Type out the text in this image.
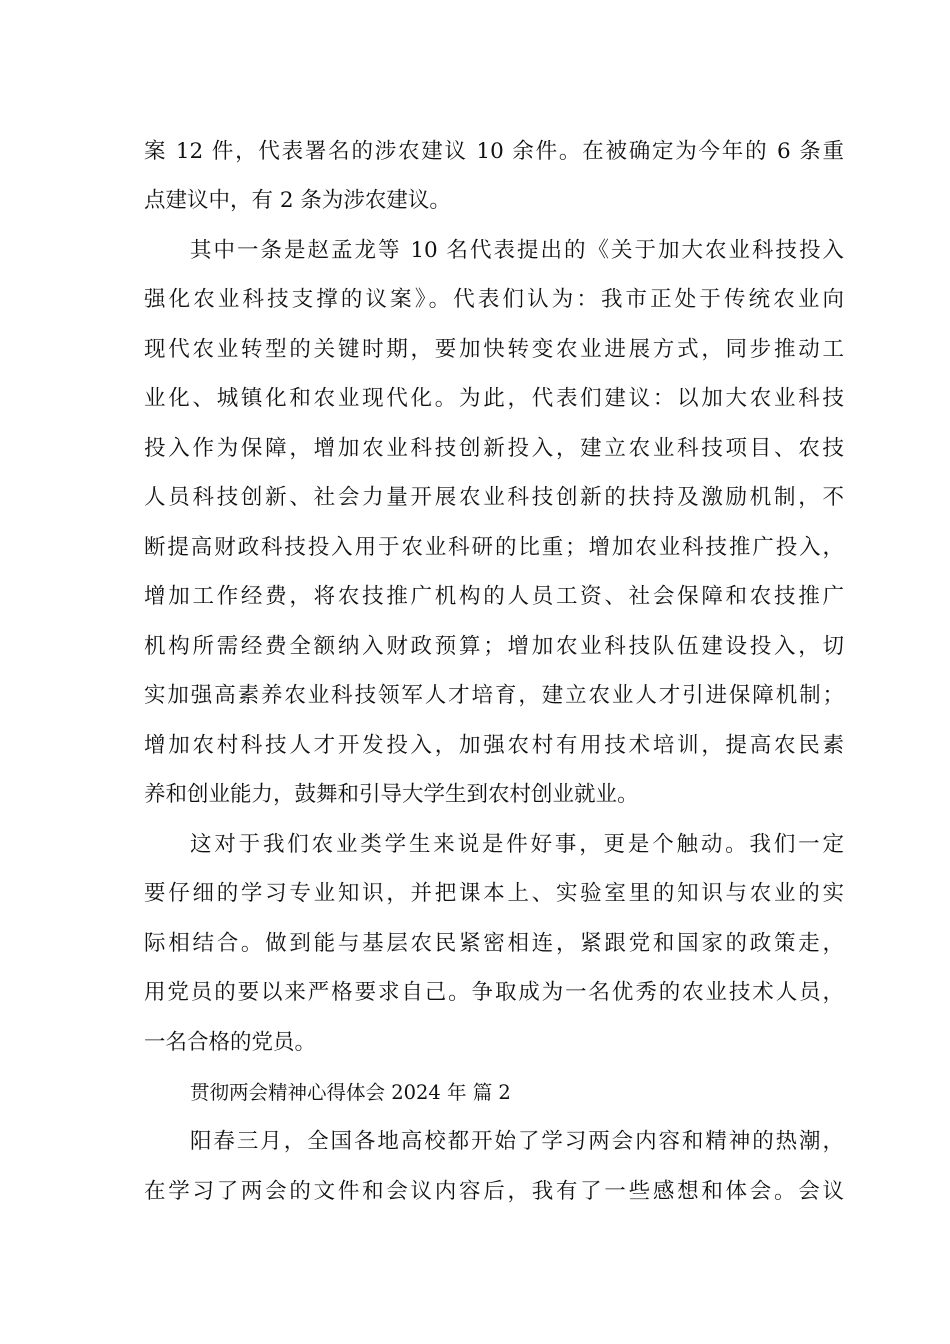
案 12 件，代表署名的涉农建议 10 余件。在被确定为今年的 6 条重
点建议中，有 2 条为涉农建议。
其中一条是赵孟龙等 10 名代表提出的《关于加大农业科技投入
强化农业科技支撑的议案》。代表们认为：我市正处于传统农业向
现代农业转型的关键时期，要加快转变农业进展方式，同步推动工
业化、城镇化和农业现代化。为此，代表们建议：以加大农业科技
投入作为保障，增加农业科技创新投入，建立农业科技项目、农技
人员科技创新、社会力量开展农业科技创新的扶持及激励机制，不
断提高财政科技投入用于农业科研的比重；增加农业科技推广投入，
增加工作经费，将农技推广机构的人员工资、社会保障和农技推广
机构所需经费全额纳入财政预算；增加农业科技队伍建设投入，切
实加强高素养农业科技领军人才培育，建立农业人才引进保障机制；
增加农村科技人才开发投入，加强农村有用技术培训，提高农民素
养和创业能力，鼓舞和引导大学生到农村创业就业。
这对于我们农业类学生来说是件好事，更是个触动。我们一定
要仔细的学习专业知识，并把课本上、实验室里的知识与农业的实
际相结合。做到能与基层农民紧密相连，紧跟党和国家的政策走，
用党员的要以来严格要求自己。争取成为一名优秀的农业技术人员，
一名合格的党员。
贯彻两会精神心得体会 2024 年 篇 2
阳春三月，全国各地高校都开始了学习两会内容和精神的热潮，
在学习了两会的文件和会议内容后，我有了一些感想和体会。会议
